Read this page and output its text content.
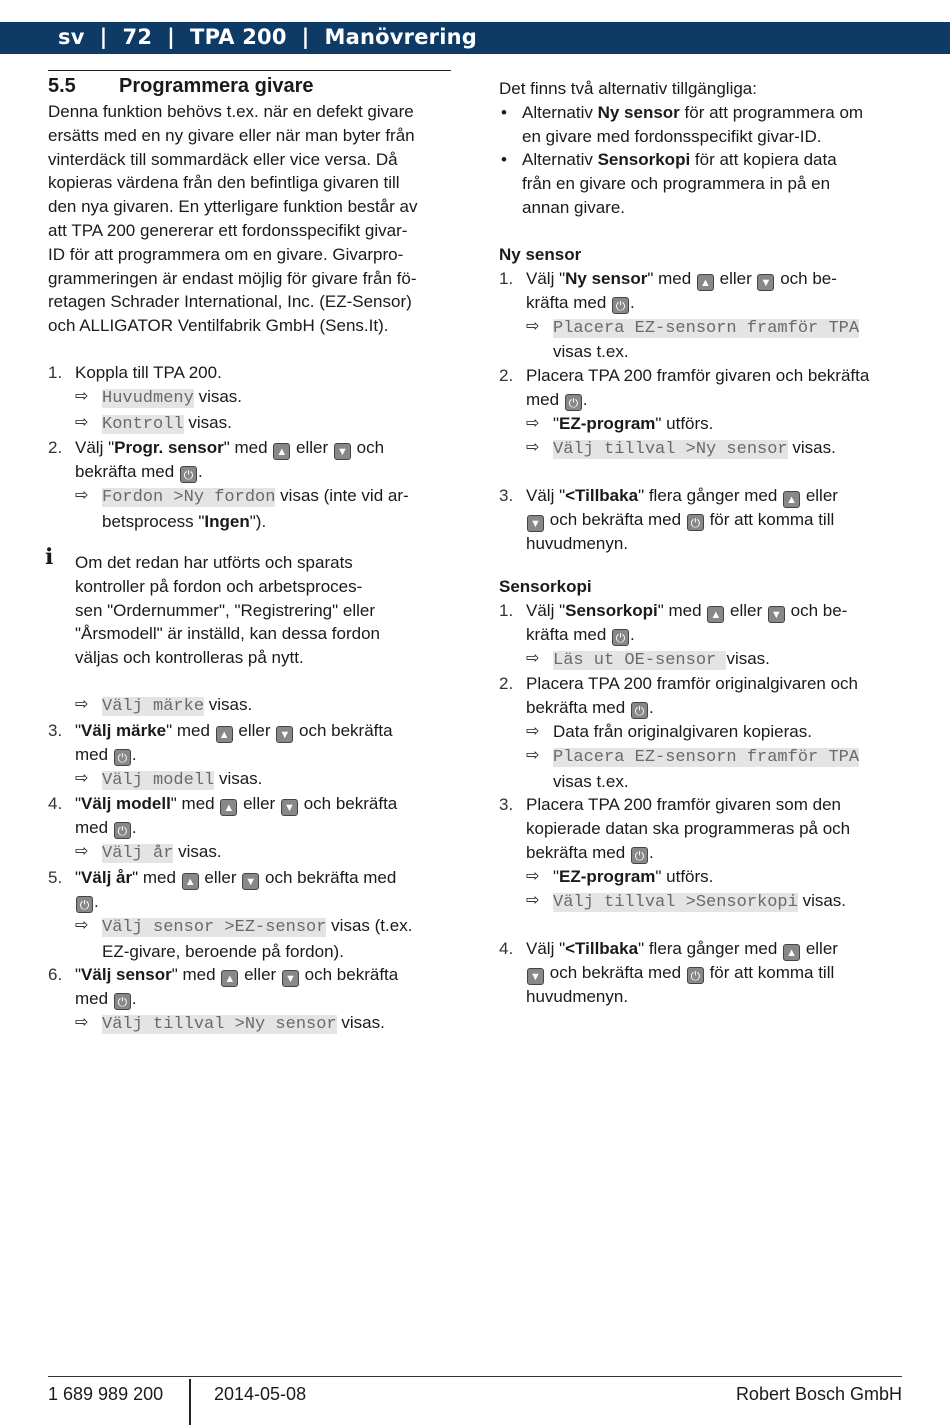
sv  |  72  |  TPA 200  |  Manövrering
5.5 Programmera givare
Denna funktion behövs t.ex. när en defekt givare
ersätts med en ny givare eller när man byter från
vinterdäck till sommardäck eller vice versa. Då
kopieras värdena från den befintliga givaren till
den nya givaren. En ytterligare funktion består av
att TPA 200 genererar ett fordonsspecifikt givar-
ID för att programmera om en givare. Givarpro-
grammeringen är endast möjlig för givare från fö-
retagen Schrader International, Inc. (EZ-Sensor)
och ALLIGATOR Ventilfabrik GmbH (Sens.It).
1. Koppla till TPA 200.
⇨ Huvudmeny visas.
⇨ Kontroll visas.
2. Välj "Progr. sensor" med ▲ eller ▼ och
bekräfta med ⏻ .
⇨ Fordon >Ny fordon visas (inte vid ar-
betsprocess "Ingen").
ℹ︎ Om det redan har utförts och sparats
kontroller på fordon och arbetsproces-
sen "Ordernummer", "Registrering" eller
"Årsmodell" är inställd, kan dessa fordon
väljas och kontrolleras på nytt.
⇨ Välj märke visas.
3. "Välj märke" med ▲ eller ▼ och bekräfta
med ⏻ .
⇨ Välj modell visas.
4. "Välj modell" med ▲ eller ▼ och bekräfta
med ⏻ .
⇨ Välj år visas.
5. "Välj år" med ▲ eller ▼ och bekräfta med
⏻ .
⇨ Välj sensor >EZ-sensor visas (t.ex.
EZ-givare, beroende på fordon).
6. "Välj sensor" med ▲ eller ▼ och bekräfta
med ⏻ .
⇨ Välj tillval >Ny sensor visas.
Det finns två alternativ tillgängliga:
• Alternativ Ny sensor för att programmera om
en givare med fordonsspecifikt givar-ID.
• Alternativ Sensorkopi för att kopiera data
från en givare och programmera in på en
annan givare.
Ny sensor
1. Välj "Ny sensor" med ▲ eller ▼ och be-
kräfta med ⏻ .
⇨ Placera EZ-sensorn framför TPA
visas t.ex.
2. Placera TPA 200 framför givaren och bekräfta
med ⏻ .
⇨ "EZ-program" utförs.
⇨ Välj tillval >Ny sensor visas.
3. Välj "<Tillbaka" flera gånger med ▲ eller
▼ och bekräfta med ⏻ för att komma till
huvudmenyn.
Sensorkopi
1. Välj "Sensorkopi" med ▲ eller ▼ och be-
kräfta med ⏻ .
⇨ Läs ut OE-sensor visas.
2. Placera TPA 200 framför originalgivaren och
bekräfta med ⏻ .
⇨ Data från originalgivaren kopieras.
⇨ Placera EZ-sensorn framför TPA
visas t.ex.
3. Placera TPA 200 framför givaren som den
kopierade datan ska programmeras på och
bekräfta med ⏻ .
⇨ "EZ-program" utförs.
⇨ Välj tillval >Sensorkopi visas.
4. Välj "<Tillbaka" flera gånger med ▲ eller
▼ och bekräfta med ⏻ för att komma till
huvudmenyn.
1 689 989 200	2014-05-08	Robert Bosch GmbH
